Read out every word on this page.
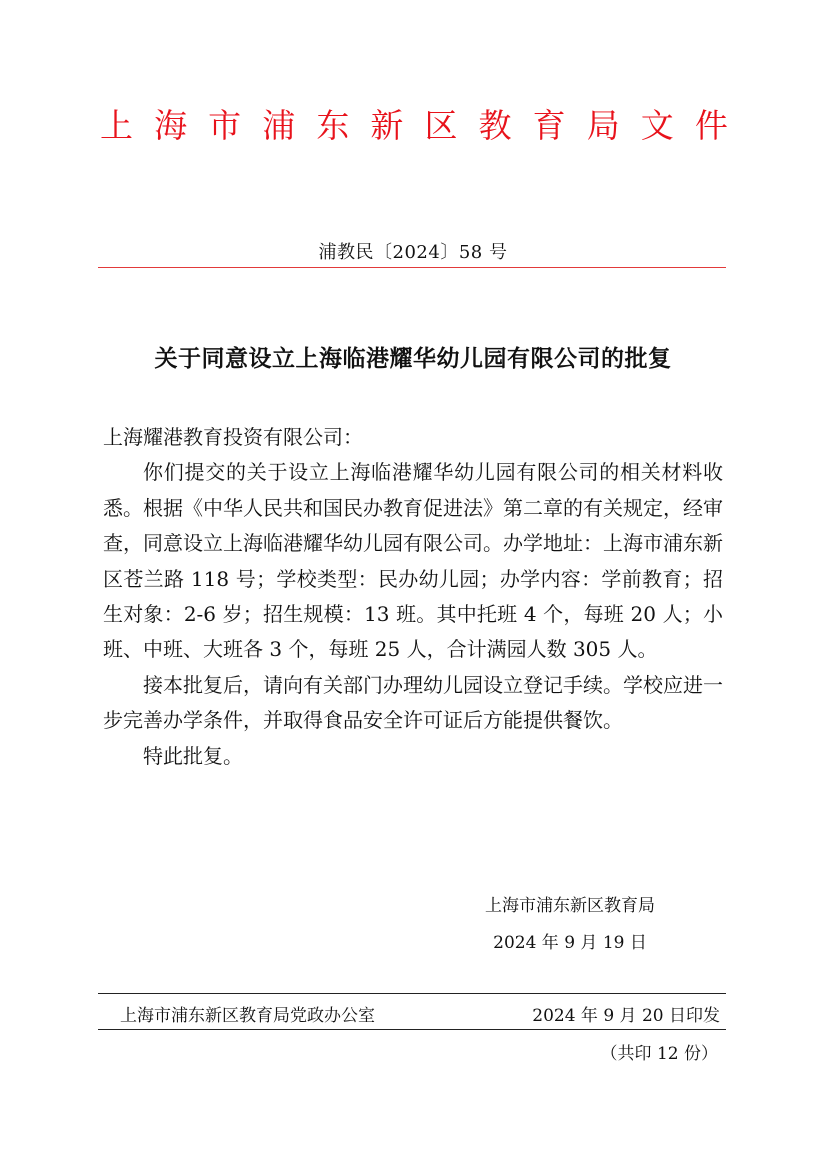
上 海 市 浦 东 新 区 教 育 局 文 件
浦教民〔2024〕58 号
关于同意设立上海临港耀华幼儿园有限公司的批复

上海耀港教育投资有限公司：

你们提交的关于设立上海临港耀华幼儿园有限公司的相关材料收悉。根据《中华人民共和国民办教育促进法》第二章的有关规定，经审查，同意设立上海临港耀华幼儿园有限公司。办学地址：上海市浦东新区苍兰路 118 号；学校类型：民办幼儿园；办学内容：学前教育；招生对象：2-6 岁；招生规模：13 班。其中托班 4 个，每班 20 人；小班、中班、大班各 3 个，每班 25 人，合计满园人数 305 人。

接本批复后，请向有关部门办理幼儿园设立登记手续。学校应进一步完善办学条件，并取得食品安全许可证后方能提供餐饮。

特此批复。

上海市浦东新区教育局
2024 年 9 月 19 日
上海市浦东新区教育局党政办公室	2024 年 9 月 20 日印发
（共印 12 份）
